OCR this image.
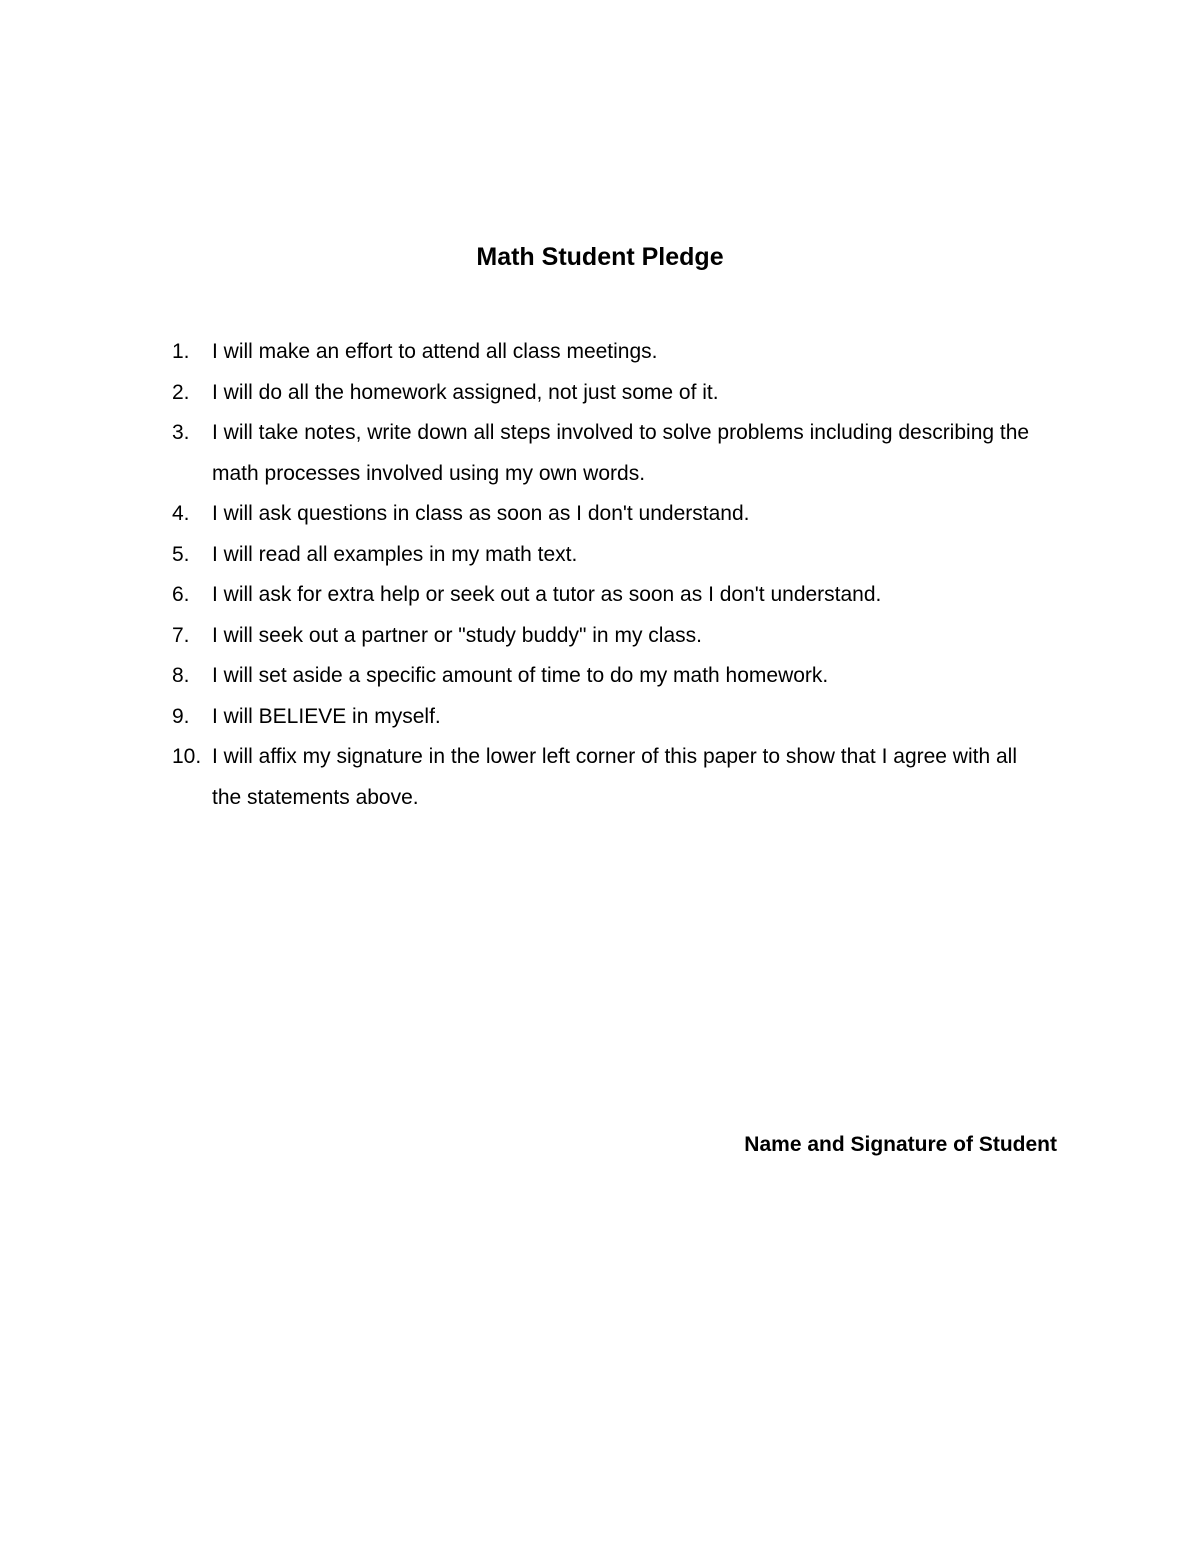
Math Student Pledge
1.	I will make an effort to attend all class meetings.
2.	I will do all the homework assigned, not just some of it.
3.	I will take notes, write down all steps involved to solve problems including describing the math processes involved using my own words.
4.	I will ask questions in class as soon as I don't understand.
5.	I will read all examples in my math text.
6.	I will ask for extra help or seek out a tutor as soon as I don't understand.
7.	I will seek out a partner or "study buddy" in my class.
8.	I will set aside a specific amount of time to do my math homework.
9.	I will BELIEVE in myself.
10. I will affix my signature in the lower left corner of this paper to show that I agree with all the statements above.

Name and Signature of Student
